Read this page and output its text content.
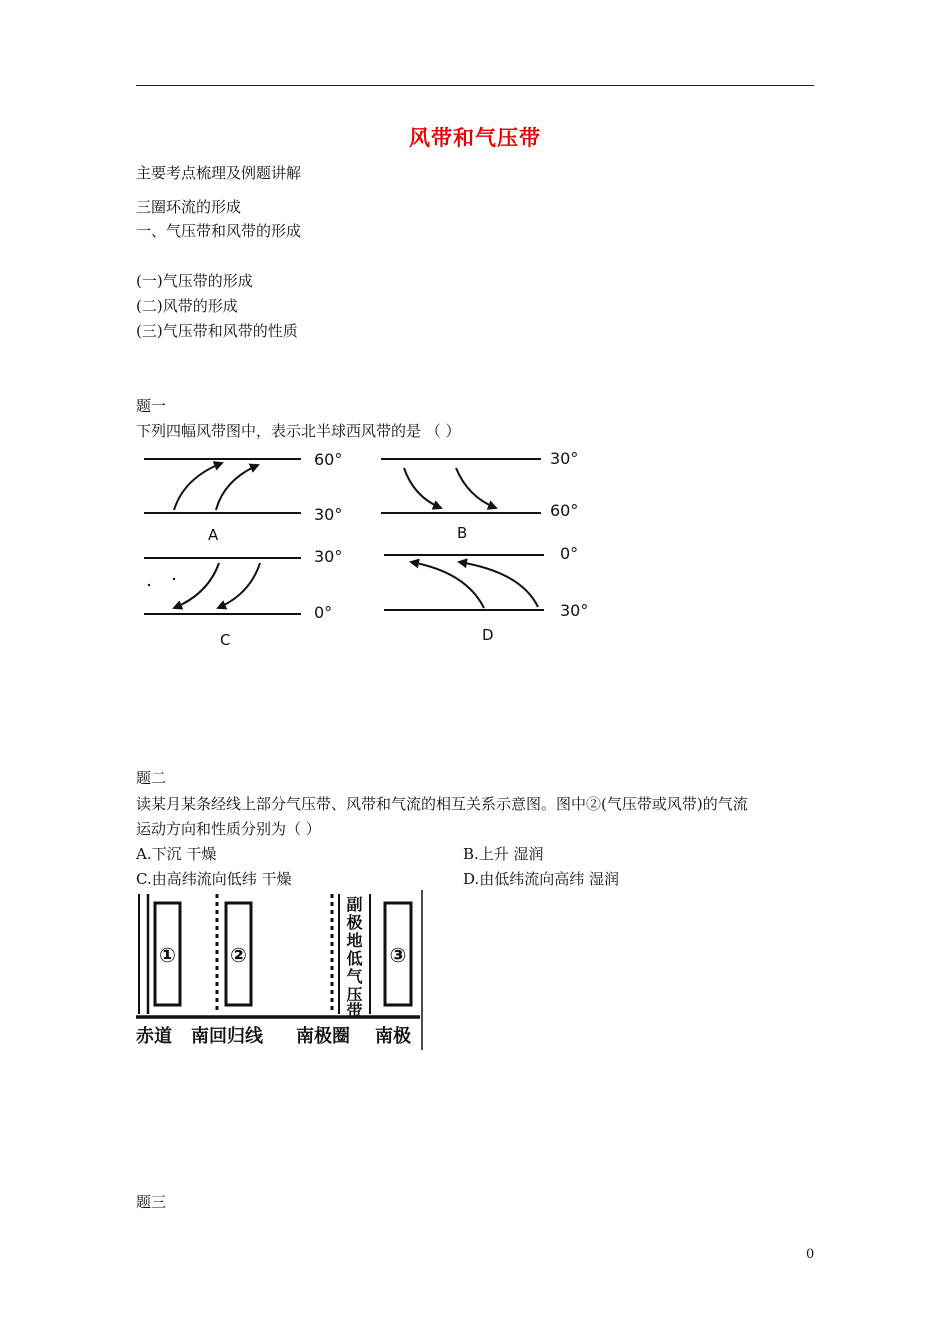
风带和气压带
主要考点梳理及例题讲解
三圈环流的形成
一、气压带和风带的形成
(一)气压带的形成
(二)风带的形成
(三)气压带和风带的性质
题一
下列四幅风带图中，表示北半球西风带的是 （ ）
60°
30°
A
30°
60°
B
30°
0°
C
0°
30°
D
题二
读某月某条经线上部分气压带、风带和气流的相互关系示意图。图中②(气压带或风带)的气流
运动方向和性质分别为（ ）
A.下沉 干燥	B.上升 湿润
C.由高纬流向低纬 干燥	D.由低纬流向高纬 湿润
①	②	③
副
极
地
低
气
压
带
赤道 南回归线 南极圈 南极
题三
0
